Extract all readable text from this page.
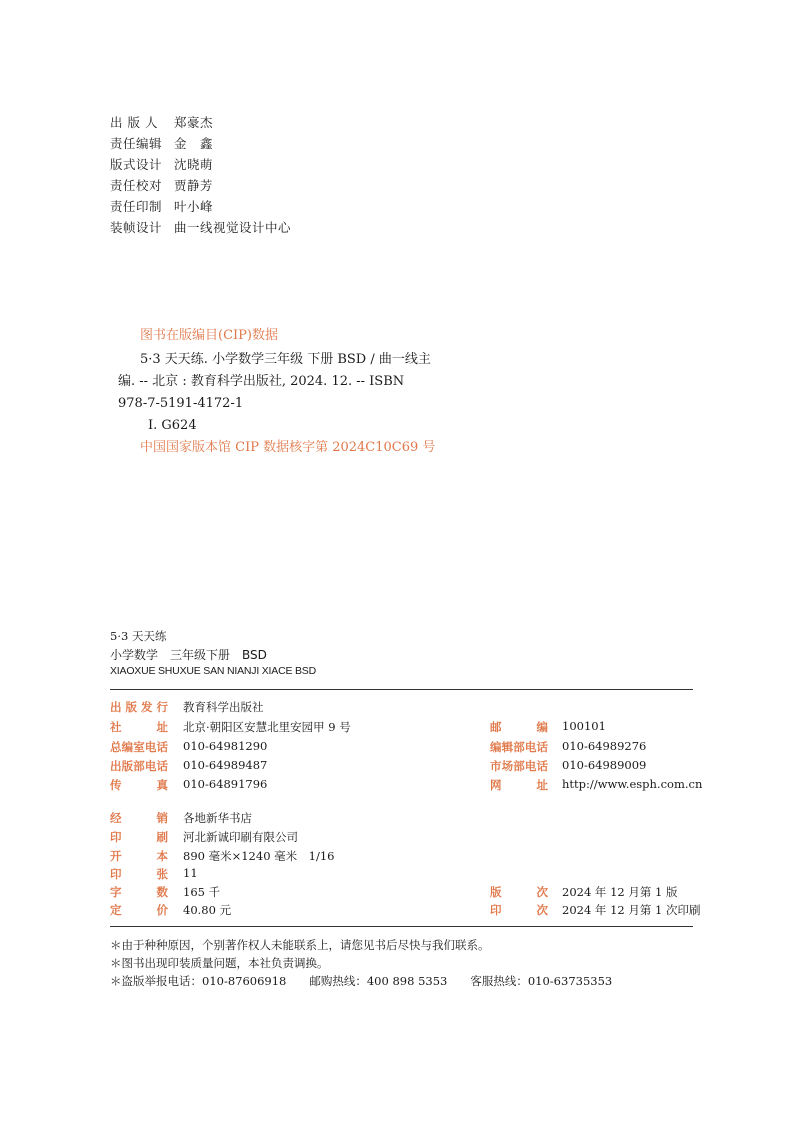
出 版 人 郑豪杰
责任编辑 金　鑫
版式设计 沈晓萌
责任校对 贾静芳
责任印制 叶小峰
装帧设计 曲一线视觉设计中心
图书在版编目(CIP)数据
5·3 天天练. 小学数学三年级 下册 BSD / 曲一线主
编. -- 北京 : 教育科学出版社, 2024. 12. -- ISBN
978-7-5191-4172-1
Ⅰ. G624
中国国家版本馆 CIP 数据核字第 2024C10C69 号
5·3 天天练
小学数学　三年级下册　BSD
XIAOXUE SHUXUE SAN NIANJI XIACE BSD
出版发行 教育科学出版社
社址 北京·朝阳区安慧北里安园甲 9 号	邮编 100101
总编室电话 010-64981290	编辑部电话 010-64989276
出版部电话 010-64989487	市场部电话 010-64989009
传真 010-64891796	网址 http://www.esph.com.cn
经销 各地新华书店
印刷 河北新诚印刷有限公司
开本 890 毫米×1240 毫米　1/16
印张 11
字数 165 千	版次 2024 年 12 月第 1 版
定价 40.80 元	印次 2024 年 12 月第 1 次印刷
＊由于种种原因，个别著作权人未能联系上，请您见书后尽快与我们联系。
＊图书出现印装质量问题，本社负责调换。
＊盗版举报电话：010-87606918　　邮购热线：400 898 5353　　客服热线：010-63735353
